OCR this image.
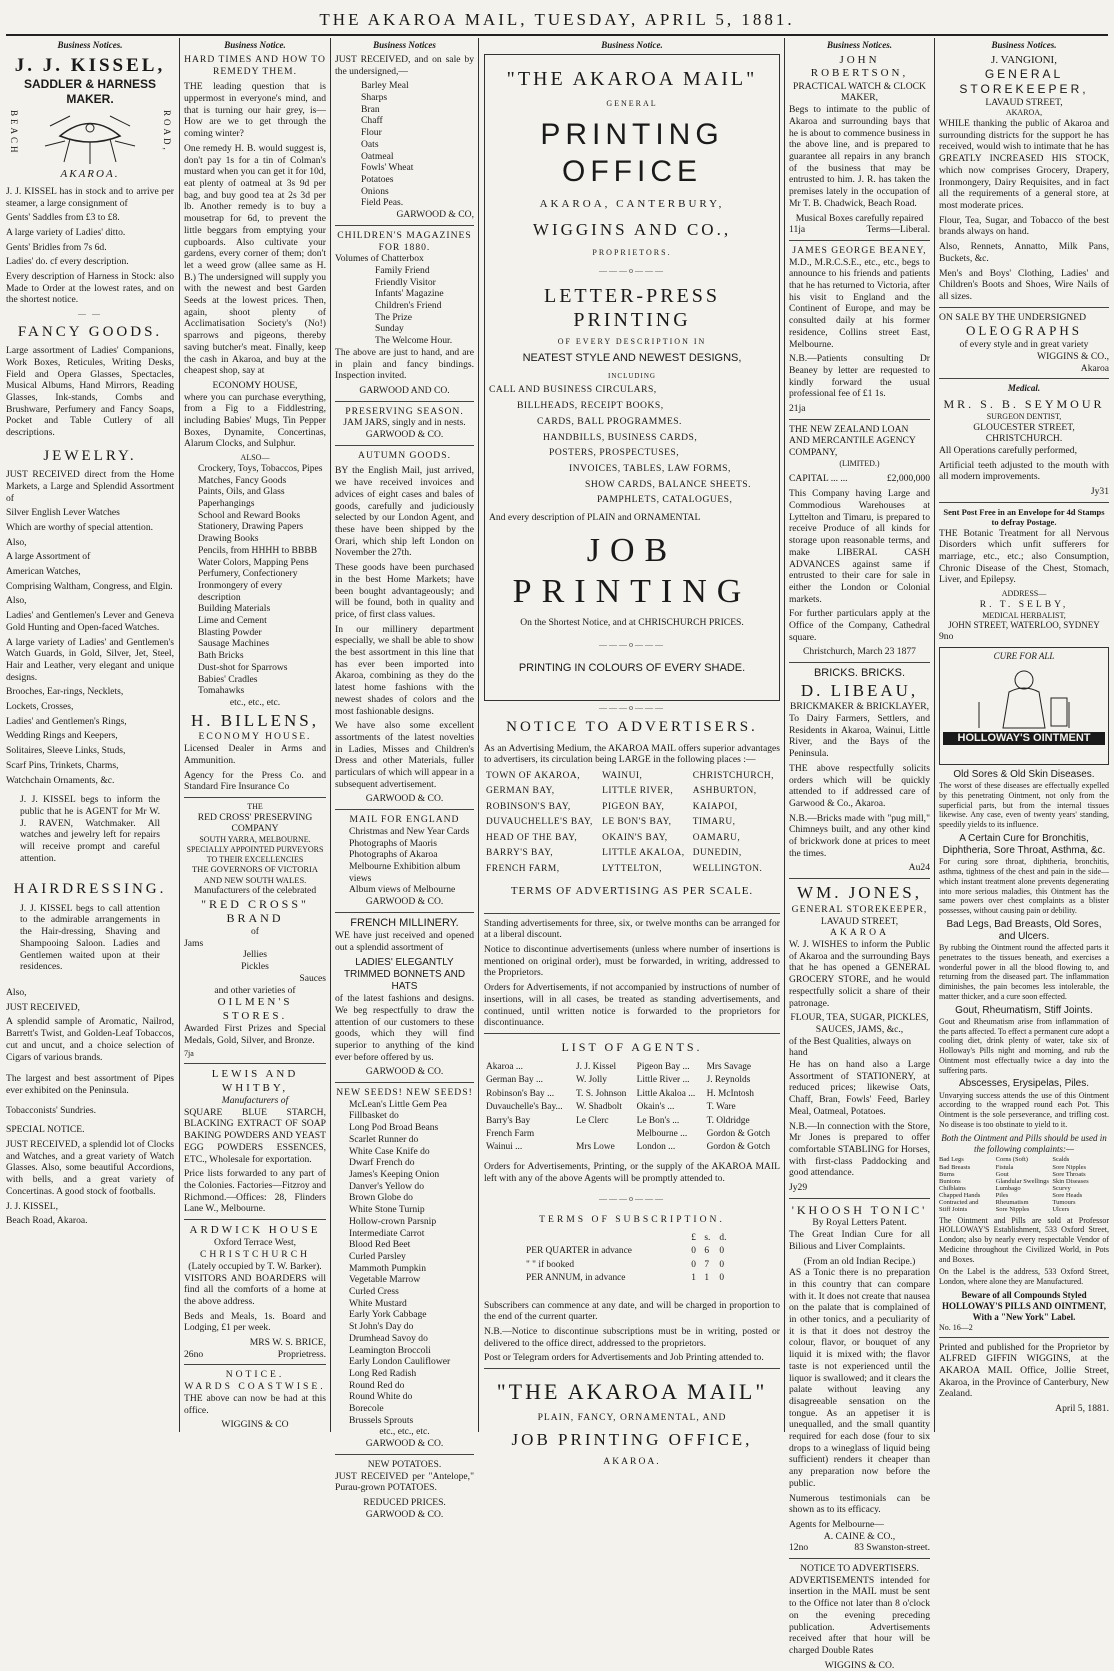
THE AKAROA MAIL, TUESDAY, APRIL 5, 1881.
Business Notices.
J. J. KISSEL,
SADDLER & HARNESS MAKER.
BEACH	ROAD,
AKAROA.

J. J. KISSEL has in stock and to arrive per steamer, a large consignment of

Gents' Saddles from £3 to £8.

A large variety of Ladies' ditto.

Gents' Bridles from 7s 6d.

Ladies' do. cf every description.

Every description of Harness in Stock: also Made to Order at the lowest rates, and on the shortest notice.

— —
FANCY GOODS.

Large assortment of Ladies' Companions, Work Boxes, Reticules, Writing Desks, Field and Opera Glasses, Spectacles, Musical Albums, Hand Mirrors, Reading Glasses, Ink-stands, Combs and Brushware, Perfumery and Fancy Soaps, Pocket and Table Cutlery of all descriptions.

JEWELRY.

JUST RECEIVED direct from the Home Markets, a Large and Splendid Assortment of

Silver English Lever Watches

Which are worthy of special attention.

Also,

A large Assortment of

American Watches,

Comprising Waltham, Congress, and Elgin.

Also,

Ladies' and Gentlemen's Lever and Geneva Gold Hunting and Open-faced Watches.

A large variety of Ladies' and Gentlemen's Watch Guards, in Gold, Silver, Jet, Steel, Hair and Leather, very elegant and unique designs.

Brooches, Ear-rings, Necklets,

Lockets, Crosses,

Ladies' and Gentlemen's Rings,

Wedding Rings and Keepers,

Solitaires, Sleeve Links, Studs,

Scarf Pins, Trinkets, Charms,

Watchchain Ornaments, &c.

J. J. KISSEL begs to inform the public that he is AGENT for Mr W. J. RAVEN, Watchmaker. All watches and jewelry left for repairs will receive prompt and careful attention.

HAIRDRESSING.

J. J. KISSEL begs to call attention to the admirable arrangements in the Hair-dressing, Shaving and Shampooing Saloon. Ladies and Gentlemen waited upon at their residences.

Also,

JUST RECEIVED,

A splendid sample of Aromatic, Nailrod, Barrett's Twist, and Golden-Leaf Tobaccos, cut and uncut, and a choice selection of Cigars of various brands.

The largest and best assortment of Pipes ever exhibited on the Peninsula.

Tobacconists' Sundries.

SPECIAL NOTICE.

JUST RECEIVED, a splendid lot of Clocks and Watches, and a great variety of Watch Glasses. Also, some beautiful Accordions, with bells, and a great variety of Concertinas. A good stock of footballs.

J. J. KISSEL,

Beach Road, Akaroa.

Business Notice.
HARD TIMES AND HOW TO REMEDY THEM.

THE leading question that is uppermost in everyone's mind, and that is turning our hair grey, is—How are we to get through the coming winter?

One remedy H. B. would suggest is, don't pay 1s for a tin of Colman's mustard when you can get it for 10d, eat plenty of oatmeal at 3s 9d per bag, and buy good tea at 2s 3d per lb. Another remedy is to buy a mousetrap for 6d, to prevent the little beggars from emptying your cupboards. Also cultivate your gardens, every corner of them; don't let a weed grow (allee same as H. B.) The undersigned will supply you with the newest and best Garden Seeds at the lowest prices. Then, again, shoot plenty of Acclimatisation Society's (No!) sparrows and pigeons, thereby saving butcher's meat. Finally, keep the cash in Akaroa, and buy at the cheapest shop, say at

ECONOMY HOUSE,

where you can purchase everything, from a Fig to a Fiddlestring, including Babies' Mugs, Tin Pepper Boxes, Dynamite, Concertinas, Alarum Clocks, and Sulphur.

ALSO—
Crockery, Toys, Tobaccos, Pipes
Matches, Fancy Goods
Paints, Oils, and Glass
Paperhangings
School and Reward Books
Stationery, Drawing Papers
Drawing Books
Pencils, from HHHH to BBBB
Water Colors, Mapping Pens
Perfumery, Confectionery
Ironmongery of every description
Building Materials
Lime and Cement
Blasting Powder
Sausage Machines
Bath Bricks
Dust-shot for Sparrows
Babies' Cradles
Tomahawks
etc., etc., etc.
H. BILLENS,
ECONOMY HOUSE.

Licensed Dealer in Arms and Ammunition.

Agency for the Press Co. and Standard Fire Insurance Co

THE
RED CROSS' PRESERVING COMPANY
SOUTH YARRA, MELBOURNE.
SPECIALLY APPOINTED PURVEYORS TO THEIR EXCELLENCIES
THE GOVERNORS OF VICTORIA AND NEW SOUTH WALES.
Manufacturers of the celebrated
"RED CROSS" BRAND
of
Jams
Jellies
Pickles
Sauces
and other varieties of
OILMEN'S STORES.

Awarded First Prizes and Special Medals, Gold, Silver, and Bronze.

7ja
LEWIS AND WHITBY,
Manufacturers of

SQUARE BLUE STARCH, BLACKING EXTRACT OF SOAP BAKING POWDERS AND YEAST EGG POWDERS ESSENCES, ETC., Wholesale for exportation.

Price lists forwarded to any part of the Colonies. Factories—Fitzroy and Richmond.—Offices: 28, Flinders Lane W., Melbourne.

ARDWICK HOUSE
Oxford Terrace West,
CHRISTCHURCH
(Lately occupied by T. W. Barker).

VISITORS AND BOARDERS will find all the comforts of a home at the above address.

Beds and Meals, 1s. Board and Lodging, £1 per week.

MRS W. S. BRICE,
26no	Proprietress.
NOTICE.
WARDS COASTWISE.

THE above can now be had at this office.

WIGGINS & CO
Business Notices

JUST RECEIVED, and on sale by the undersigned,—

Barley Meal
Sharps
Bran
Chaff
Flour
Oats
Oatmeal
Fowls' Wheat
Potatoes
Onions
Field Peas.
GARWOOD & CO,
CHILDREN'S MAGAZINES FOR 1880.
Volumes of Chatterbox
Family Friend
Friendly Visitor
Infants' Magazine
Children's Friend
The Prize
Sunday
The Welcome Hour.

The above are just to hand, and are in plain and fancy bindings. Inspection invited.

GARWOOD AND CO.
PRESERVING SEASON.
JAM JARS, singly and in nests.
GARWOOD & CO.
AUTUMN GOODS.

BY the English Mail, just arrived, we have received invoices and advices of eight cases and bales of goods, carefully and judiciously selected by our London Agent, and these have been shipped by the Orari, which ship left London on November the 27th.

These goods have been purchased in the best Home Markets; have been bought advantageously; and will be found, both in quality and price, of first class values.

In our millinery department especially, we shall be able to show the best assortment in this line that has ever been imported into Akaroa, combining as they do the latest home fashions with the newest shades of colors and the most fashionable designs.

We have also some excellent assortments of the latest novelties in Ladies, Misses and Children's Dress and other Materials, fuller particulars of which will appear in a subsequent advertisement.

GARWOOD & CO.
MAIL FOR ENGLAND
Christmas and New Year Cards
Photographs of Maoris
Photographs of Akaroa
Melbourne Exhibition album views
Album views of Melbourne
GARWOOD & CO.
FRENCH MILLINERY.

WE have just received and opened out a splendid assortment of

LADIES' ELEGANTLY TRIMMED BONNETS AND HATS

of the latest fashions and designs. We beg respectfully to draw the attention of our customers to these goods, which they will find superior to anything of the kind ever before offered by us.

GARWOOD & CO.
NEW SEEDS! NEW SEEDS!
McLean's Little Gem Pea
Fillbasket do
Long Pod Broad Beans
Scarlet Runner do
White Case Knife do
Dwarf French do
James's Keeping Onion
Danver's Yellow do
Brown Globe do
White Stone Turnip
Hollow-crown Parsnip
Intermediate Carrot
Blood Red Beet
Curled Parsley
Mammoth Pumpkin
Vegetable Marrow
Curled Cress
White Mustard
Early York Cabbage
St John's Day do
Drumhead Savoy do
Leamington Broccoli
Early London Cauliflower
Long Red Radish
Round Red do
Round White do
Borecole
Brussels Sprouts
etc., etc., etc.
GARWOOD & CO.
NEW POTATOES.

JUST RECEIVED per "Antelope," Purau-grown POTATOES.

REDUCED PRICES.
GARWOOD & CO.
Business Notice.
"THE AKAROA MAIL"
GENERAL
PRINTING OFFICE
AKAROA, CANTERBURY,
WIGGINS AND CO.,
PROPRIETORS.
———o———
LETTER-PRESS PRINTING
OF EVERY DESCRIPTION IN
NEATEST STYLE AND NEWEST DESIGNS,
INCLUDING
CALL AND BUSINESS CIRCULARS,
BILLHEADS, RECEIPT BOOKS,
CARDS, BALL PROGRAMMES.
HANDBILLS, BUSINESS CARDS,
POSTERS, PROSPECTUSES,
INVOICES, TABLES, LAW FORMS,
SHOW CARDS, BALANCE SHEETS.
PAMPHLETS, CATALOGUES,
And every description of PLAIN and ORNAMENTAL
JOB PRINTING
On the Shortest Notice, and at CHRISCHURCH PRICES.
———o———
PRINTING IN COLOURS OF EVERY SHADE.
———o———
NOTICE TO ADVERTISERS.

As an Advertising Medium, the AKAROA MAIL offers superior advantages to advertisers, its circulation being LARGE in the following places :—

TOWN OF AKAROA,	WAINUI,	CHRISTCHURCH,
GERMAN BAY,	LITTLE RIVER,	ASHBURTON,
ROBINSON'S BAY,	PIGEON BAY,	KAIAPOI,
DUVAUCHELLE'S BAY,	LE BON'S BAY,	TIMARU,
HEAD OF THE BAY,	OKAIN'S BAY,	OAMARU,
BARRY'S BAY,	LITTLE AKALOA,	DUNEDIN,
FRENCH FARM,	LYTTELTON,	WELLINGTON.
TERMS OF ADVERTISING AS PER SCALE.

Standing advertisements for three, six, or twelve months can be arranged for at a liberal discount.

Notice to discontinue advertisements (unless where number of insertions is mentioned on original order), must be forwarded, in writing, addressed to the Proprietors.

Orders for Advertisements, if not accompanied by instructions of number of insertions, will in all cases, be treated as standing advertisements, and continued, until written notice is forwarded to the proprietors for discontinuance.

LIST OF AGENTS.
Akaroa ...	J. J. Kissel	Pigeon Bay ...	Mrs Savage
German Bay ...	W. Jolly	Little River ...	J. Reynolds
Robinson's Bay ...	T. S. Johnson	Little Akaloa ...	H. McIntosh
Duvauchelle's Bay...	W. Shadbolt	Okain's ...	T. Ware
Barry's Bay	Le Clerc	Le Bon's ...	T. Oldridge
French Farm		Melbourne ...	Gordon & Gotch
Wainui ...	Mrs Lowe	London ...	Gordon & Gotch

Orders for Advertisements, Printing, or the supply of the AKAROA MAIL left with any of the above Agents will be promptly attended to.

———o———
TERMS OF SUBSCRIPTION.
	£	s.	d.
PER QUARTER in advance	0	6	0
" " if booked	0	7	0
PER ANNUM, in advance	1	1	0

Subscribers can commence at any date, and will be charged in proportion to the end of the current quarter.

N.B.—Notice to discontinue subscriptions must be in writing, posted or delivered to the office direct, addressed to the proprietors.

Post or Telegram orders for Advertisements and Job Printing attended to.

"THE AKAROA MAIL"
PLAIN, FANCY, ORNAMENTAL, AND
JOB PRINTING OFFICE,
AKAROA.
Business Notices.
JOHN ROBERTSON,
PRACTICAL WATCH & CLOCK MAKER,

Begs to intimate to the public of Akaroa and surrounding bays that he is about to commence business in the above line, and is prepared to guarantee all repairs in any branch of the business that may be entrusted to him. J. R. has taken the premises lately in the occupation of Mr T. B. Chadwick, Beach Road.

Musical Boxes carefully repaired
11ja	Terms—Liberal.
JAMES GEORGE BEANEY,

M.D., M.R.C.S.E., etc., etc., begs to announce to his friends and patients that he has returned to Victoria, after his visit to England and the Continent of Europe, and may be consulted daily at his former residence, Collins street East, Melbourne.

N.B.—Patients consulting Dr Beaney by letter are requested to kindly forward the usual professional fee of £1 1s.

21ja
THE NEW ZEALAND LOAN AND MERCANTILE AGENCY COMPANY,
(LIMITED.)
CAPITAL ... ...	£2,000,000

This Company having Large and Commodious Warehouses at Lyttelton and Timaru, is prepared to receive Produce of all kinds for storage upon reasonable terms, and make LIBERAL CASH ADVANCES against same if entrusted to their care for sale in either the London or Colonial markets.

For further particulars apply at the Office of the Company, Cathedral square.

Christchurch, March 23 1877
BRICKS. BRICKS.
D. LIBEAU,
BRICKMAKER & BRICKLAYER,

To Dairy Farmers, Settlers, and Residents in Akaroa, Wainui, Little River, and the Bays of the Peninsula.

THE above respectfully solicits orders which will be quickly attended to if addressed care of Garwood & Co., Akaroa.

N.B.—Bricks made with "pug mill," Chimneys built, and any other kind of brickwork done at prices to meet the times.

Au24
WM. JONES,
GENERAL STOREKEEPER,
LAVAUD STREET,
AKAROA

W. J. WISHES to inform the Public of Akaroa and the surrounding Bays that he has opened a GENERAL GROCERY STORE, and he would respectfully solicit a share of their patronage.

FLOUR, TEA, SUGAR, PICKLES, SAUCES, JAMS, &c.,
of the Best Qualities, always on hand

He has on hand also a Large Assortment of STATIONERY, at reduced prices; likewise Oats, Chaff, Bran, Fowls' Feed, Barley Meal, Oatmeal, Potatoes.

N.B.—In connection with the Store, Mr Jones is prepared to offer comfortable STABLING for Horses, with first-class Paddocking and good attendance.

Jy29
'KHOOSH TONIC'
By Royal Letters Patent.

The Great Indian Cure for all Bilious and Liver Complaints.

(From an old Indian Recipe.)

AS a Tonic there is no preparation in this country that can compare with it. It does not create that nausea on the palate that is complained of in other tonics, and a peculiarity of it is that it does not destroy the colour, flavor, or bouquet of any liquid it is mixed with; the flavor taste is not experienced until the liquor is swallowed; and it clears the palate without leaving any disagreeable sensation on the tongue. As an appetiser it is unequalled, and the small quantity required for each dose (four to six drops to a wineglass of liquid being sufficient) renders it cheaper than any preparation now before the public.

Numerous testimonials can be shown as to its efficacy.

Agents for Melbourne—
A. CAINE & CO.,
12no	83 Swanston-street.
NOTICE TO ADVERTISERS.

ADVERTISEMENTS intended for insertion in the MAIL must be sent to the Office not later than 8 o'clock on the evening preceding publication. Advertisements received after that hour will be charged Double Rates

WIGGINS & CO.
Business Notices.
J. VANGIONI,
GENERAL STOREKEEPER,
LAVAUD STREET,
AKAROA,

WHILE thanking the public of Akaroa and surrounding districts for the support he has received, would wish to intimate that he has GREATLY INCREASED HIS STOCK, which now comprises Grocery, Drapery, Ironmongery, Dairy Requisites, and in fact all the requirements of a general store, at most moderate prices.

Flour, Tea, Sugar, and Tobacco of the best brands always on hand.

Also, Rennets, Annatto, Milk Pans, Buckets, &c.

Men's and Boys' Clothing, Ladies' and Children's Boots and Shoes, Wire Nails of all sizes.

ON SALE BY THE UNDERSIGNED
OLEOGRAPHS
of every style and in great variety
WIGGINS & CO.,
Akaroa
Medical.
MR. S. B. SEYMOUR
SURGEON DENTIST,
GLOUCESTER STREET,
CHRISTCHURCH.

All Operations carefully performed,

Artificial teeth adjusted to the mouth with all modern improvements.

Jy31
Sent Post Free in an Envelope for 4d Stamps to defray Postage.

THE Botanic Treatment for all Nervous Disorders which unfit sufferers for marriage, etc., etc.; also Consumption, Chronic Disease of the Chest, Stomach, Liver, and Epilepsy.

ADDRESS—
R. T. SELBY,
MEDICAL HERBALIST,
JOHN STREET, WATERLOO, SYDNEY
9no
CURE FOR ALL
HOLLOWAY'S OINTMENT
Old Sores & Old Skin Diseases.

The worst of these diseases are effectually expelled by this penetrating Ointment, not only from the superficial parts, but from the internal tissues likewise. Any case, even of twenty years' standing, speedily yields to its influence.

A Certain Cure for Bronchitis, Diphtheria, Sore Throat, Asthma, &c.

For curing sore throat, diphtheria, bronchitis, asthma, tightness of the chest and pain in the side—which instant treatment alone prevents degenerating into more serious maladies, this Ointment has the same powers over chest complaints as a blister possesses, without causing pain or debility.

Bad Legs, Bad Breasts, Old Sores, and Ulcers.

By rubbing the Ointment round the affected parts it penetrates to the tissues beneath, and exercises a wonderful power in all the blood flowing to, and returning from the diseased part. The inflammation diminishes, the pain becomes less intolerable, the matter thicker, and a cure soon effected.

Gout, Rheumatism, Stiff Joints.

Gout and Rheumatism arise from inflammation of the parts affected. To effect a permanent cure adopt a cooling diet, drink plenty of water, take six of Holloway's Pills night and morning, and rub the Ointment most effectually twice a day into the suffering parts.

Abscesses, Erysipelas, Piles.

Unvarying success attends the use of this Ointment according to the wrapped round each Pot. This Ointment is the sole perseverance, and trifling cost. No disease is too obstinate to yield to it.

Both the Ointment and Pills should be used in the following complaints:—
Bad Legs	Corns (Soft)	Scalds
Bad Breasts	Fistula	Sore Nipples
Burns	Gout	Sore Throats
Bunions	Glandular Swellings Skin Diseases
Chilblains	Lumbago	Scurvy
Chapped Hands	Piles	Sore Heads
Contracted and	Rheumatism	Tumours
Stiff Joints	Sore Nipples	Ulcers

The Ointment and Pills are sold at Professor HOLLOWAY'S Establishment, 533 Oxford Street, London; also by nearly every respectable Vendor of Medicine throughout the Civilized World, in Pots and Boxes.

On the Label is the address, 533 Oxford Street, London, where alone they are Manufactured.

Beware of all Compounds Styled
HOLLOWAY'S PILLS AND OINTMENT,
With a "New York" Label.
No. 16—2

Printed and published for the Proprietor by ALFRED GIFFIN WIGGINS, at the AKAROA MAIL Office, Jollie Street, Akaroa, in the Province of Canterbury, New Zealand.

April 5, 1881.
